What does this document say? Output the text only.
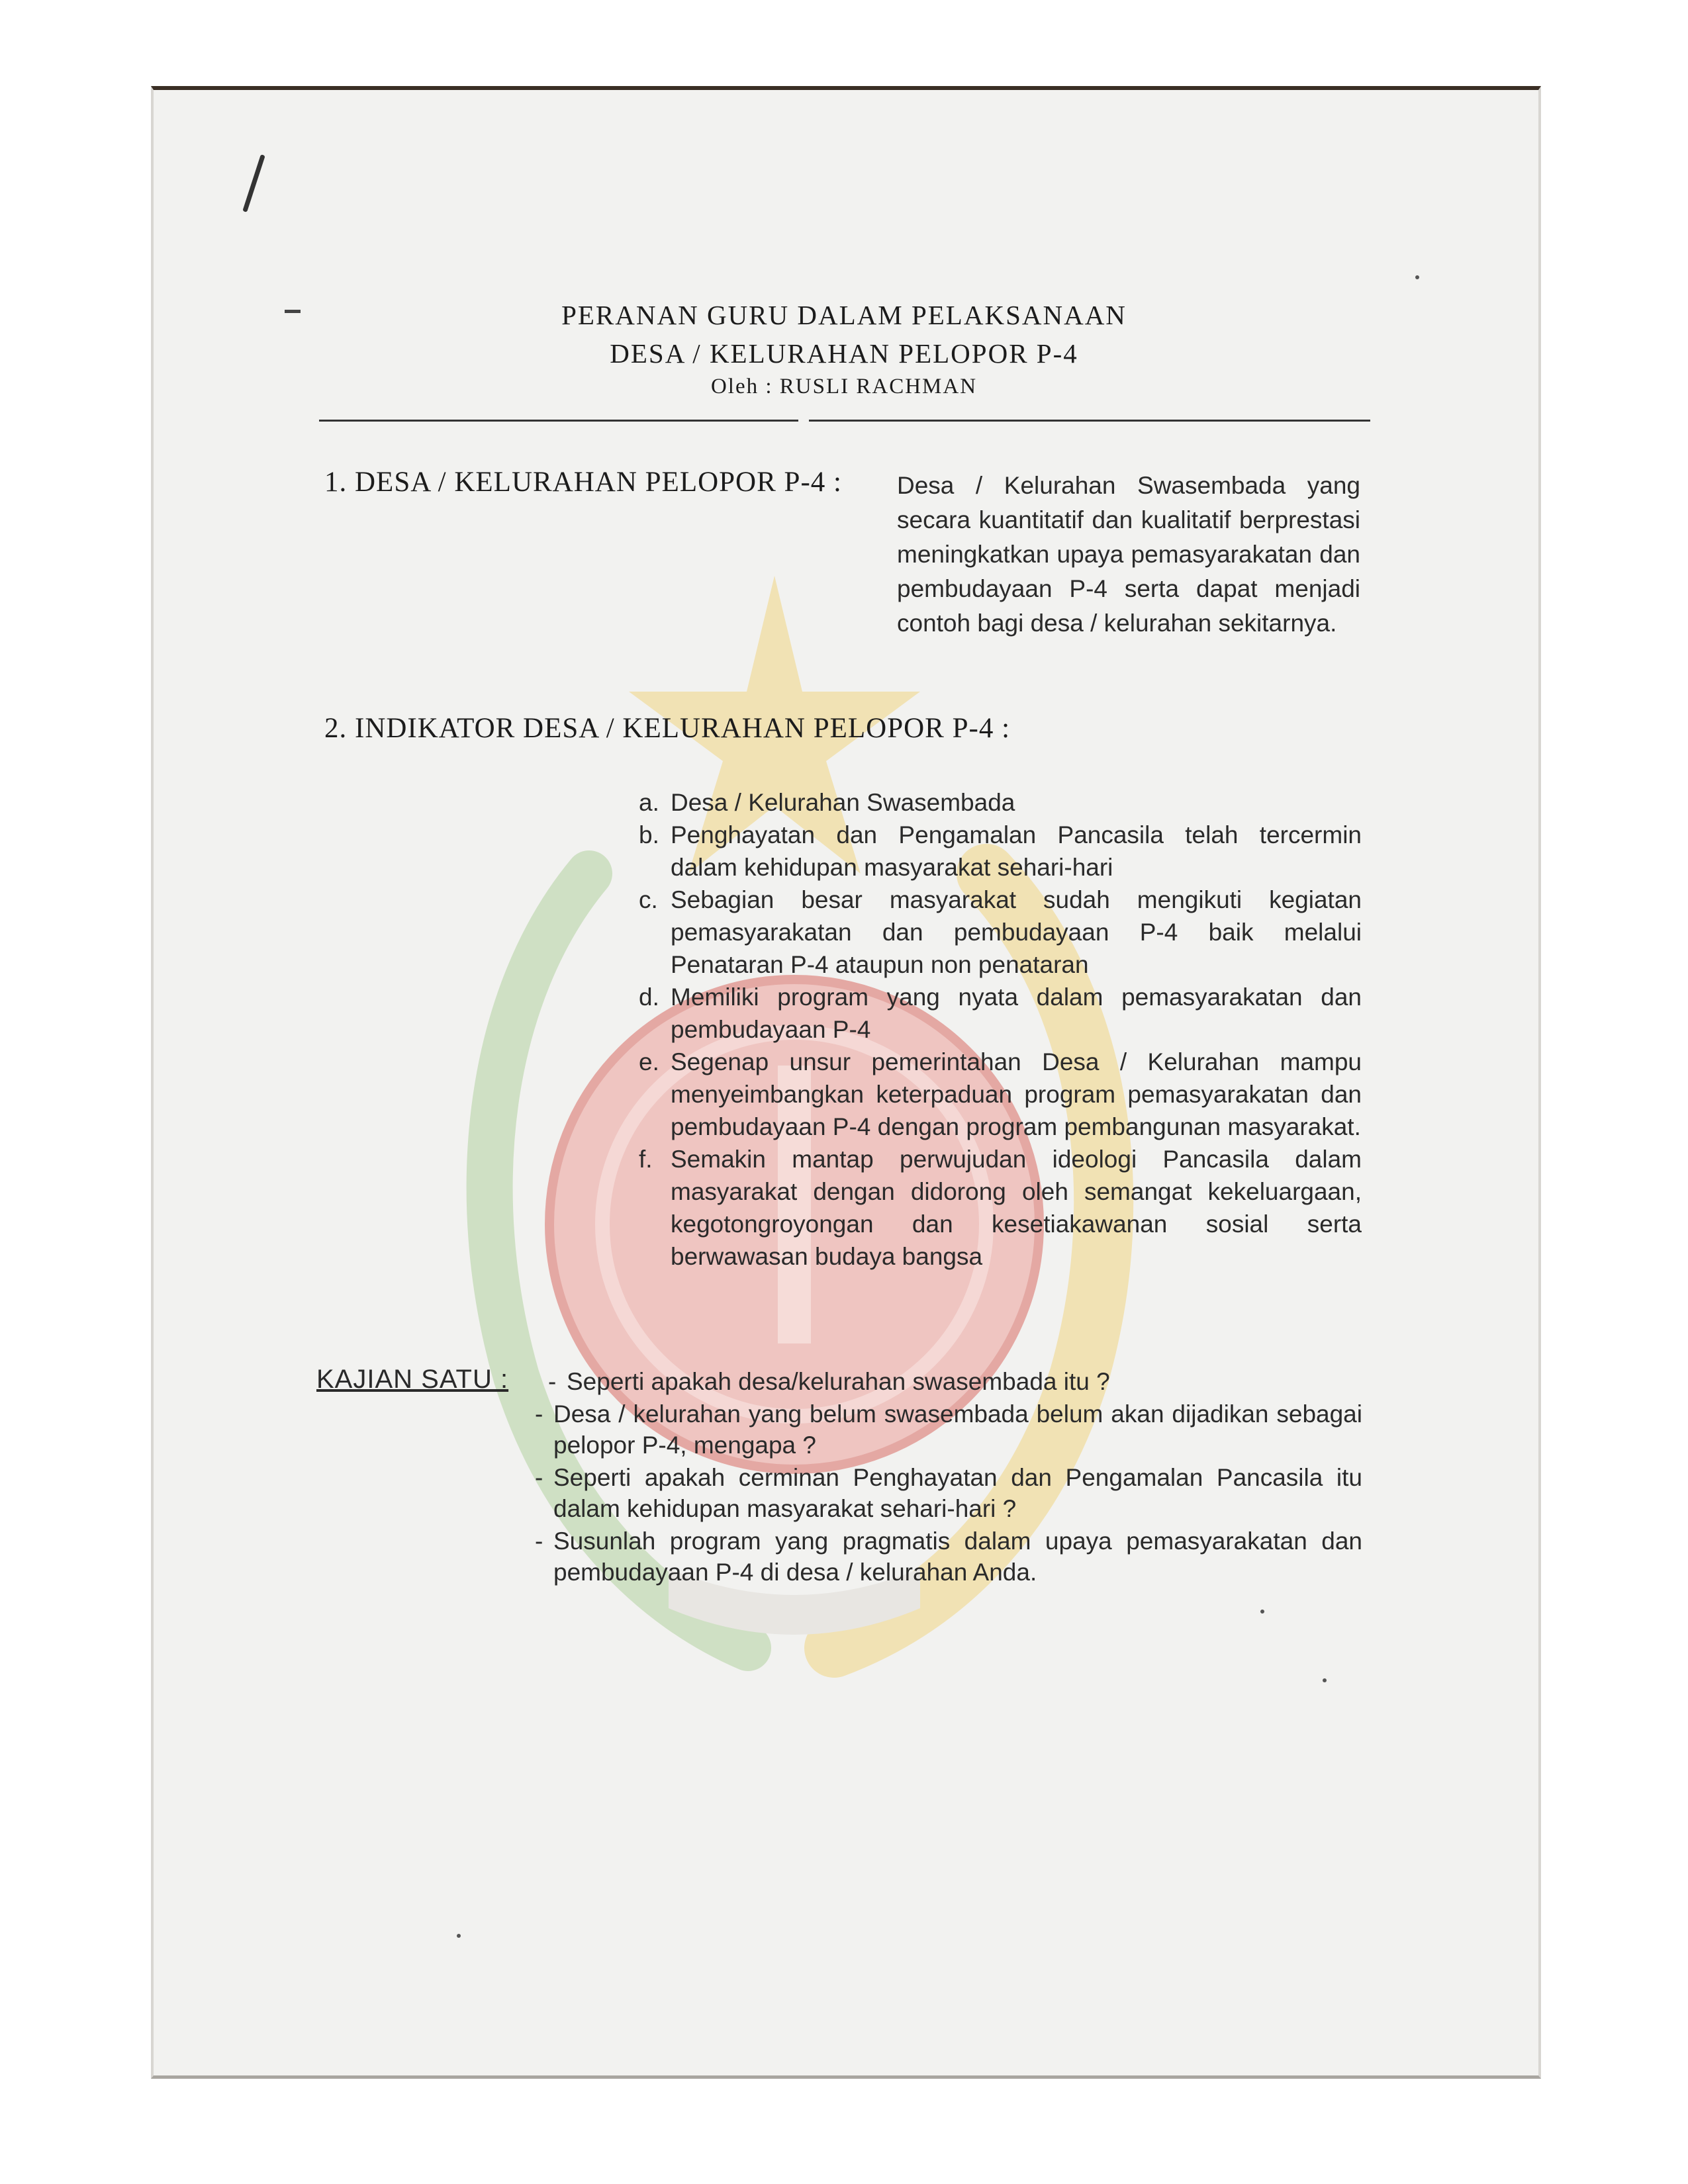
PERANAN GURU DALAM PELAKSANAAN
DESA / KELURAHAN PELOPOR P-4
Oleh : RUSLI RACHMAN
1. DESA / KELURAHAN PELOPOR P-4 : Desa / Kelurahan Swasembada yang secara kuantitatif dan kualitatif berprestasi meningkatkan upaya pemasyarakatan dan pembudayaan P-4 serta dapat menjadi contoh bagi desa / kelurahan sekitarnya.
2. INDIKATOR DESA / KELURAHAN PELOPOR P-4 :
a. Desa / Kelurahan Swasembada
b. Penghayatan dan Pengamalan Pancasila telah tercermin dalam kehidupan masyarakat sehari-hari
c. Sebagian besar masyarakat sudah mengikuti kegiatan pemasyarakatan dan pembudayaan P-4 baik melalui Penataran P-4 ataupun non penataran
d. Memiliki program yang nyata dalam pemasyarakatan dan pembudayaan P-4
e. Segenap unsur pemerintahan Desa / Kelurahan mampu menyeimbangkan keterpaduan program pemasyarakatan dan pembudayaan P-4 dengan program pembangunan masyarakat.
f. Semakin mantap perwujudan ideologi Pancasila dalam masyarakat dengan didorong oleh semangat kekeluargaan, kegotongroyongan dan kesetiakawanan sosial serta berwawasan budaya bangsa
KAJIAN SATU : - Seperti apakah desa/kelurahan swasembada itu ?
- Desa / kelurahan yang belum swasembada belum akan dijadikan sebagai pelopor P-4, mengapa ?
- Seperti apakah cerminan Penghayatan dan Pengamalan Pancasila itu dalam kehidupan masyarakat sehari-hari ?
- Susunlah program yang pragmatis dalam upaya pemasyarakatan dan pembudayaan P-4 di desa / kelurahan Anda.
